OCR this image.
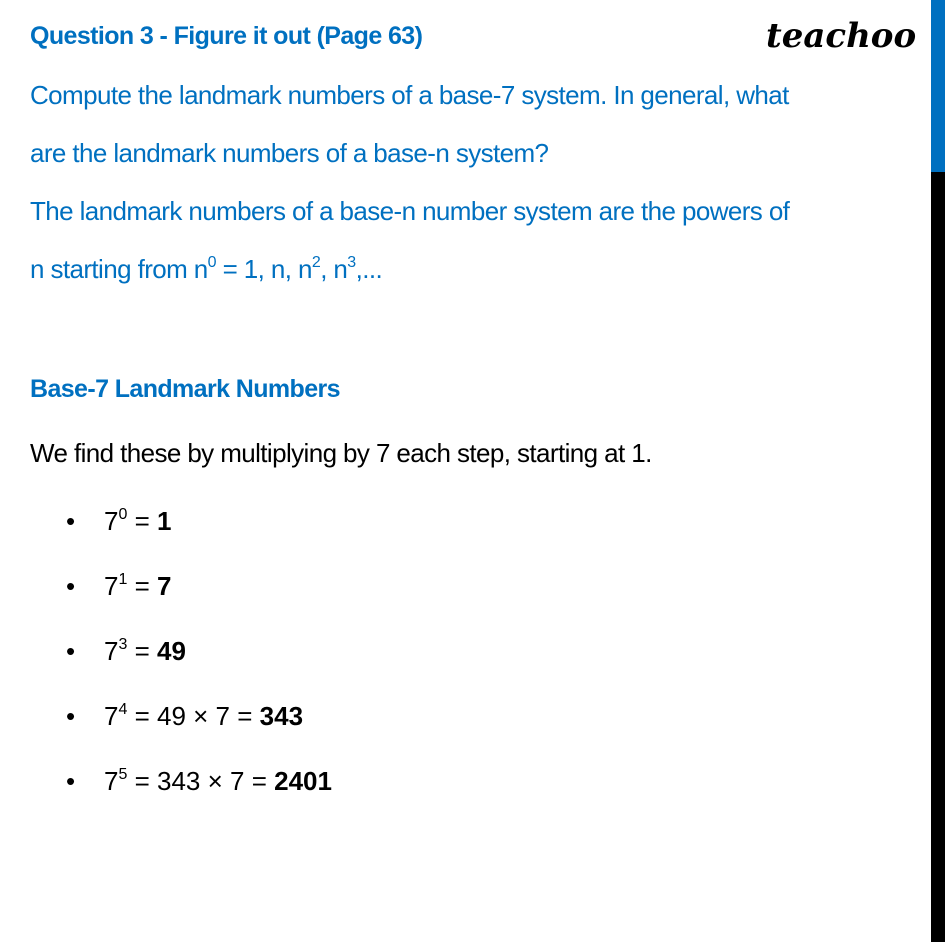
teachoo
Question 3 - Figure it out (Page 63)
Compute the landmark numbers of a base-7 system. In general, what
are the landmark numbers of a base-n system?
The landmark numbers of a base-n number system are the powers of
n starting from $n^0 = 1$, n, $n^2$, $n^3$,...
Base-7 Landmark Numbers
We find these by multiplying by 7 each step, starting at 1.
• $7^0 = 1$
• $7^1 = 7$
• $7^3 = 49$
• $7^4 = 49 \times 7 = 343$
• $7^5 = 343 \times 7 = 2401$
